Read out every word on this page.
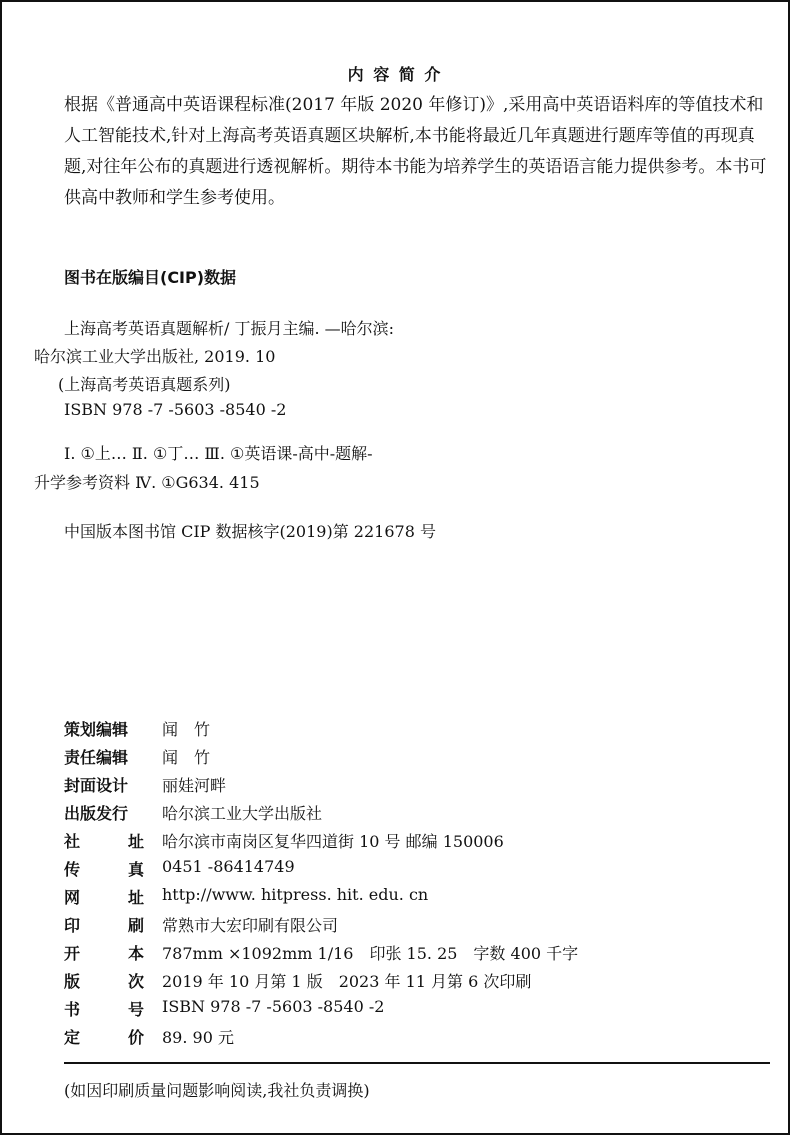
内 容 简 介

根据《普通高中英语课程标准(2017 年版 2020 年修订)》,采用高中英语语料库的等值技术和人工智能技术,针对上海高考英语真题区块解析,本书能将最近几年真题进行题库等值的再现真题,对往年公布的真题进行透视解析。期待本书能为培养学生的英语语言能力提供参考。本书可供高中教师和学生参考使用。

图书在版编目(CIP)数据
上海高考英语真题解析/ 丁振月主编. —哈尔滨:
哈尔滨工业大学出版社, 2019. 10
(上海高考英语真题系列)
ISBN 978 -7 -5603 -8540 -2
Ⅰ. ①上… Ⅱ. ①丁… Ⅲ. ①英语课-高中-题解-
升学参考资料 Ⅳ. ①G634. 415
中国版本图书馆 CIP 数据核字(2019)第 221678 号
策划编辑	闻　竹
责任编辑	闻　竹
封面设计	丽娃河畔
出版发行	哈尔滨工业大学出版社
社	址 哈尔滨市南岗区复华四道街 10 号 邮编 150006
传	真 0451 -86414749
网	址 http://www. hitpress. hit. edu. cn
印	刷 常熟市大宏印刷有限公司
开	本 787mm ×1092mm 1/16　印张 15. 25　字数 400 千字
版	次 2019 年 10 月第 1 版　2023 年 11 月第 6 次印刷
书	号 ISBN 978 -7 -5603 -8540 -2
定	价 89. 90 元
(如因印刷质量问题影响阅读,我社负责调换)
